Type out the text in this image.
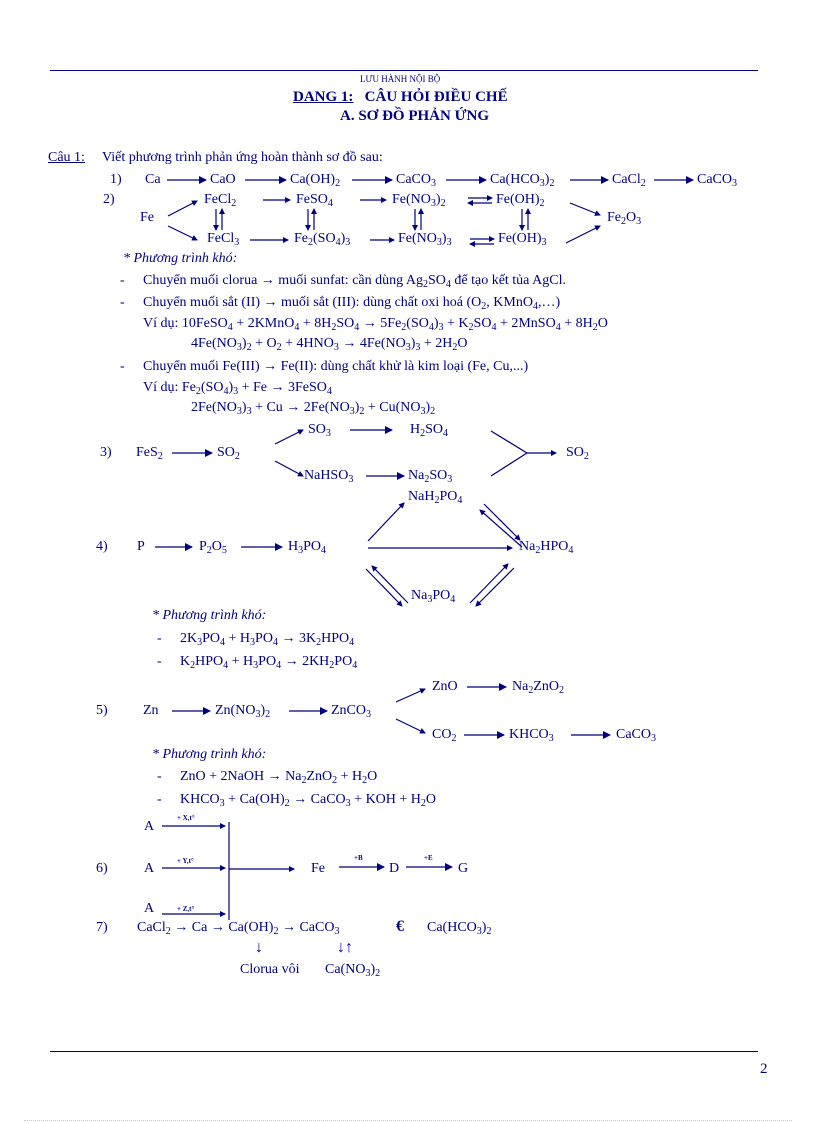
LƯU HÀNH NỘI BỘ
DANG 1: CÂU HỎI ĐIỀU CHẾ
A. SƠ ĐỒ PHẢN ỨNG
Câu 1: Viết phương trình phản ứng hoàn thành sơ đồ sau:
1) Ca	CaO	$Ca(OH)_2$	CaCO$_3$	$Ca(HCO_3)_2$	CaCl$_2$	CaCO$_3$
2)
Fe
FeCl$_2$	FeSO$_4$	$Fe(NO_3)_2$	$Fe(OH)_2$
$Fe_2O_3$
FeCl$_3$	$Fe_2(SO_4)_3$	$Fe(NO_3)_3$	$Fe(OH)_3$
* Phương trình khó:
- Chuyển muối clorua → muối sunfat: cần dùng $Ag_2SO_4$ để tạo kết tủa AgCl.
- Chuyển muối sắt (II) → muối sắt (III): dùng chất oxi hoá ($O_2$, KMnO$_4$,…)
Ví dụ: 10FeSO$_4$ + 2KMnO$_4$ + $8H_2SO_4 \to 5Fe_2(SO_4)_3 + K_2SO_4$ + 2MnSO$_4$ + $8H_2O$
$4Fe(NO_3)_2 + O_2 + 4HNO_3 \to 4Fe(NO_3)_3 + 2H_2O$
- Chuyển muối Fe(III) → Fe(II): dùng chất khử là kim loại (Fe, Cu,...)
Ví dụ: $Fe_2(SO_4)_3 + Fe$ → 3FeSO$_4$
$2Fe(NO_3)_3 + Cu \to 2Fe(NO_3)_2 + Cu(NO_3)_2$
3) FeS$_2$	$SO_2$
$SO_3$	$H_2SO_4$
NaHSO$_3$	$Na_2SO_3$
$SO_2$
4) P	$P_2O_5$	$H_3PO_4$
$NaH_2PO_4$
$Na_2HPO_4$
$Na_3PO_4$
* Phương trình khó:
- $2K_3PO_4 + H_3PO_4 \to 3K_2HPO_4$
- $K_2HPO_4 + H_3PO_4 \to 2KH_2PO_4$
5)	Zn	$Zn(NO_3)_2$	ZnCO$_3$
ZnO	$Na_2ZnO_2$
$CO_2$	$KHCO_3$	CaCO$_3$
* Phương trình khó:
- ZnO + 2NaOH → $Na_2ZnO_2 + H_2O$
- $KHCO_3 + Ca(OH)_2$ → CaCO$_3$ + KOH + $H_2O$
A
6)	A
A
+ X,t°
+ Y,t°
+ Z,t°
Fe
+B
D
+E
G
7) CaCl$_2$ → $Ca \to Ca(OH)_2$ → CaCO$_3$	€ $Ca(HCO_3)_2$
↓	↓↑
Clorua vôi $Ca(NO_3)_2$
2
